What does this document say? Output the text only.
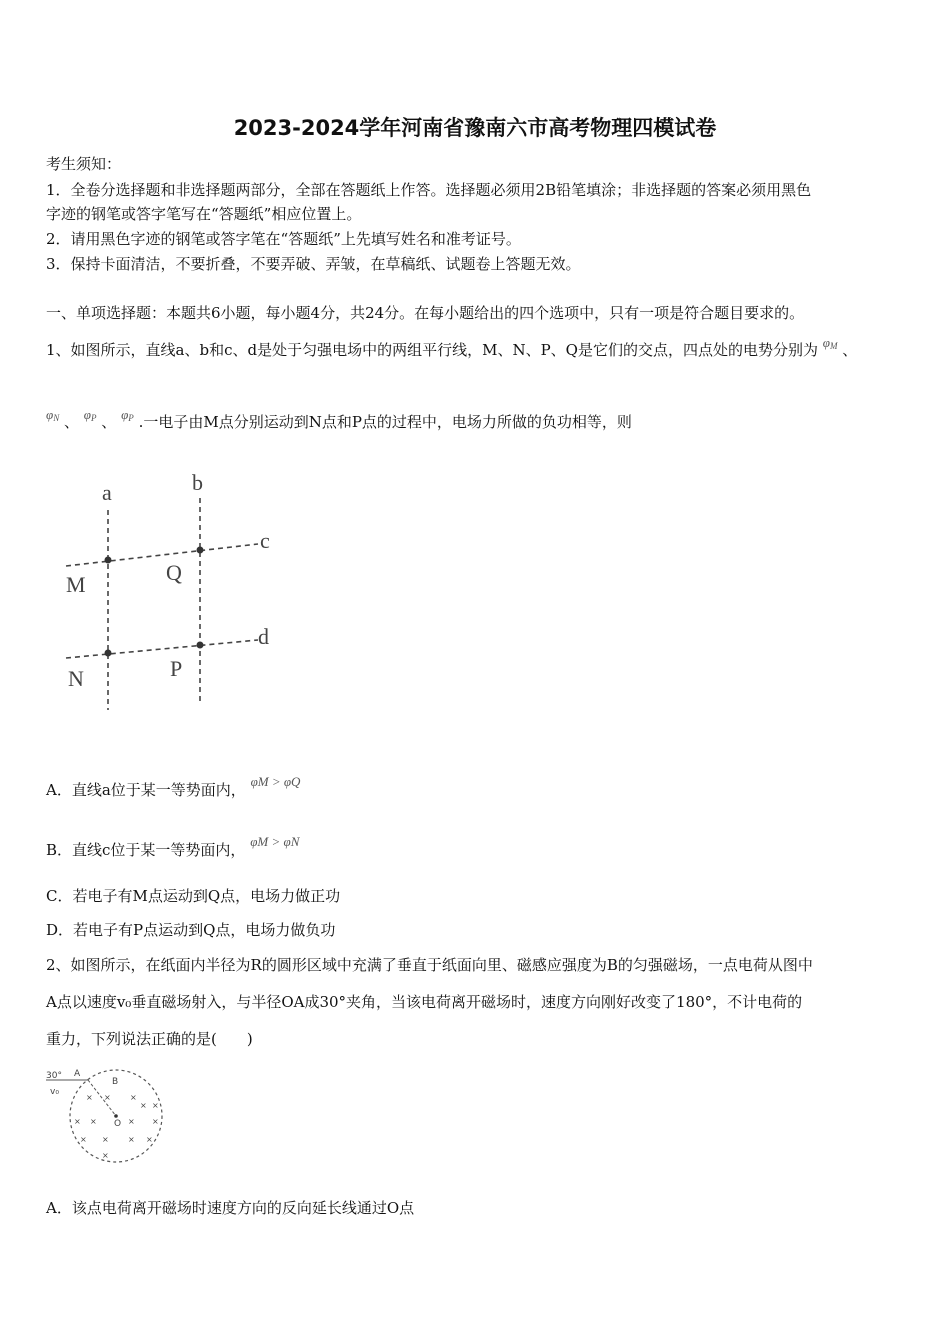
2023-2024学年河南省豫南六市高考物理四模试卷
考生须知：
1．全卷分选择题和非选择题两部分，全部在答题纸上作答。选择题必须用2B铅笔填涂；非选择题的答案必须用黑色
字迹的钢笔或答字笔写在“答题纸”相应位置上。
2．请用黑色字迹的钢笔或答字笔在“答题纸”上先填写姓名和准考证号。
3．保持卡面清洁，不要折叠，不要弄破、弄皱，在草稿纸、试题卷上答题无效。
一、单项选择题：本题共6小题，每小题4分，共24分。在每小题给出的四个选项中，只有一项是符合题目要求的。
1、如图所示，直线a、b和c、d是处于匀强电场中的两组平行线，M、N、P、Q是它们的交点，四点处的电势分别为 $\varphi_M$ 、
$\varphi_N$ 、 $\varphi_P$ 、 $\varphi_P$ .一电子由M点分别运动到N点和P点的过程中，电场力所做的负功相等，则
a	b
c
d
M	Q
N	P
A．直线a位于某一等势面内， φM > φQ
B．直线c位于某一等势面内， φM > φN
C．若电子有M点运动到Q点，电场力做正功
D．若电子有P点运动到Q点，电场力做负功
2、如图所示，在纸面内半径为R的圆形区域中充满了垂直于纸面向里、磁感应强度为B的匀强磁场，一点电荷从图中
A点以速度v₀垂直磁场射入，与半径OA成30°夹角，当该电荷离开磁场时，速度方向刚好改变了180°，不计电荷的
重力，下列说法正确的是(　　)
30° A
B
O
v₀
× × ×
× ×
× ×
× ×
× × × ×
×
A．该点电荷离开磁场时速度方向的反向延长线通过O点
